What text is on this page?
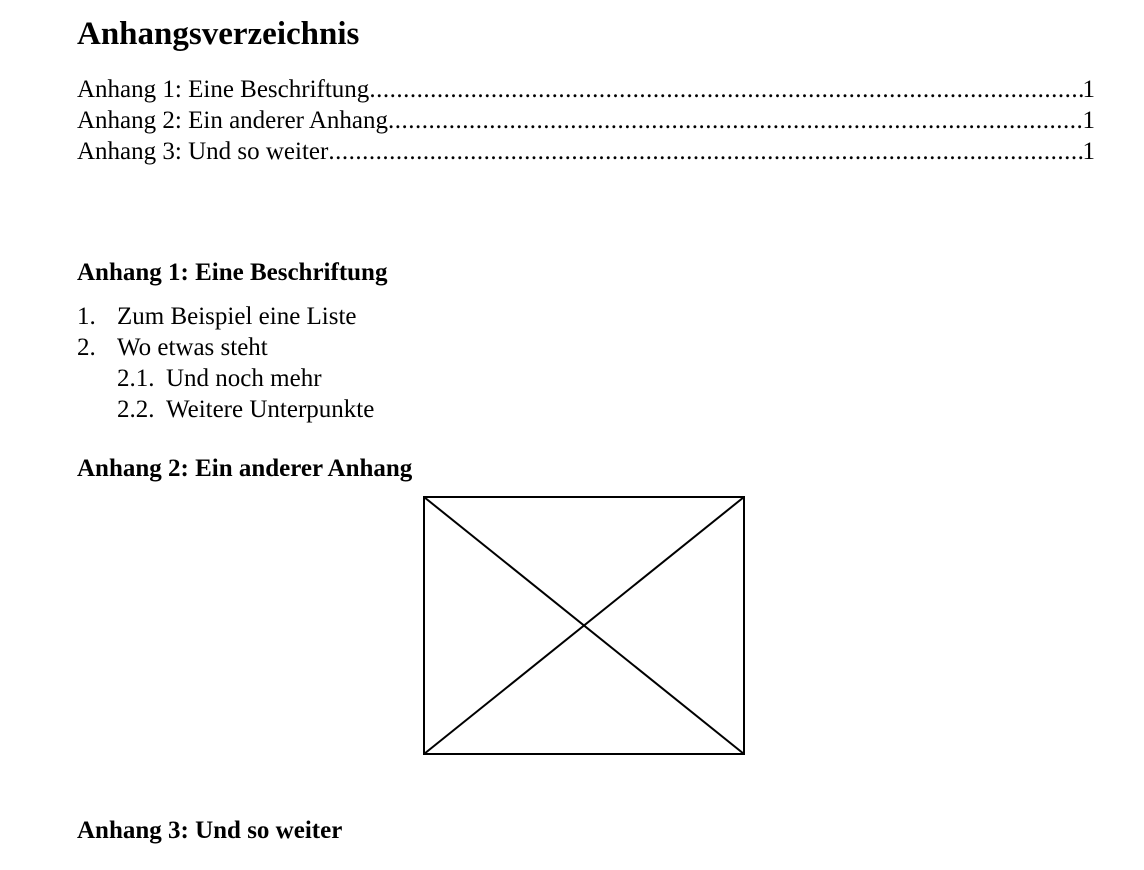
Anhangsverzeichnis
Anhang 1: Eine Beschriftung .....	1
Anhang 2: Ein anderer Anhang .....	1
Anhang 3: Und so weiter .....	1
Anhang 1: Eine Beschriftung
1. Zum Beispiel eine Liste
2. Wo etwas steht
2.1. Und noch mehr
2.2. Weitere Unterpunkte
Anhang 2: Ein anderer Anhang
Anhang 3: Und so weiter
